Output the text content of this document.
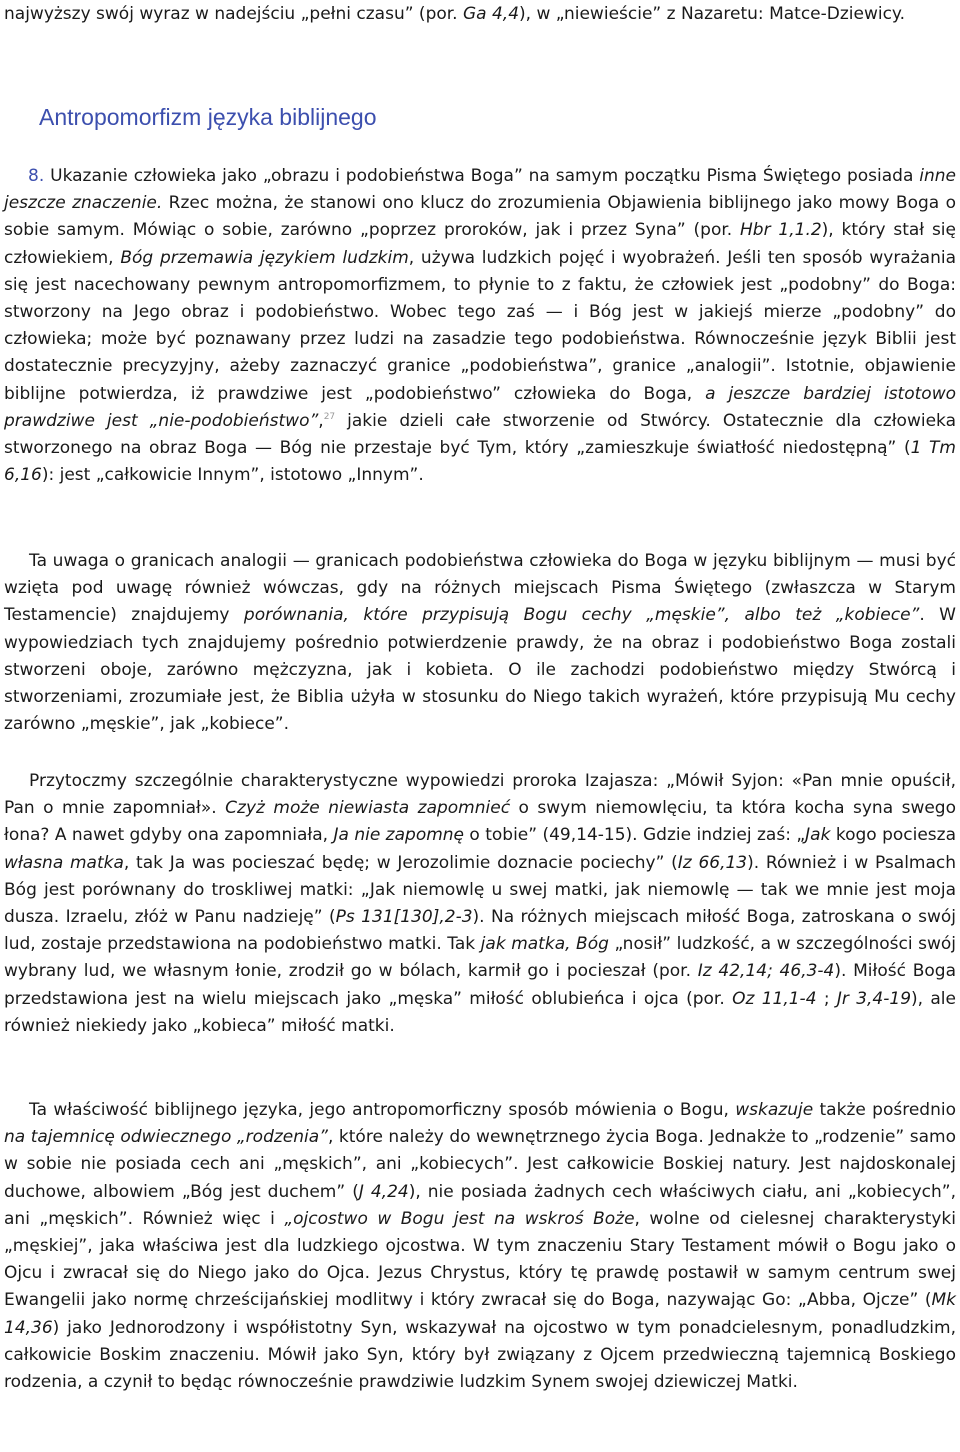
najwyższy swój wyraz w nadejściu „pełni czasu” (por. Ga 4,4), w „niewieście” z Nazaretu: Matce-Dziewicy.

Antropomorfizm języka biblijnego

8. Ukazanie człowieka jako „obrazu i podobieństwa Boga” na samym początku Pisma Świętego posiada inne jeszcze znaczenie. Rzec można, że stanowi ono klucz do zrozumienia Objawienia biblijnego jako mowy Boga o sobie samym. Mówiąc o sobie, zarówno „poprzez proroków, jak i przez Syna” (por. Hbr 1,1.2), który stał się człowiekiem, Bóg przemawia językiem ludzkim, używa ludzkich pojęć i wyobrażeń. Jeśli ten sposób wyrażania się jest nacechowany pewnym antropomorfizmem, to płynie to z faktu, że człowiek jest „podobny” do Boga: stworzony na Jego obraz i podobieństwo. Wobec tego zaś — i Bóg jest w jakiejś mierze „podobny” do człowieka; może być poznawany przez ludzi na zasadzie tego podobieństwa. Równocześnie język Biblii jest dostatecznie precyzyjny, ażeby zaznaczyć granice „podobieństwa”, granice „analogii”. Istotnie, objawienie biblijne potwierdza, iż prawdziwe jest „podobieństwo” człowieka do Boga, a jeszcze bardziej istotowo prawdziwe jest „nie-podobieństwo”,$^{27}$ jakie dzieli całe stworzenie od Stwórcy. Ostatecznie dla człowieka stworzonego na obraz Boga — Bóg nie przestaje być Tym, który „zamieszkuje światłość niedostępną” (1 Tm 6,16): jest „całkowicie Innym”, istotowo „Innym”.

Ta uwaga o granicach analogii — granicach podobieństwa człowieka do Boga w języku biblijnym — musi być wzięta pod uwagę również wówczas, gdy na różnych miejscach Pisma Świętego (zwłaszcza w Starym Testamencie) znajdujemy porównania, które przypisują Bogu cechy „męskie”, albo też „kobiece”. W wypowiedziach tych znajdujemy pośrednio potwierdzenie prawdy, że na obraz i podobieństwo Boga zostali stworzeni oboje, zarówno mężczyzna, jak i kobieta. O ile zachodzi podobieństwo między Stwórcą i stworzeniami, zrozumiałe jest, że Biblia użyła w stosunku do Niego takich wyrażeń, które przypisują Mu cechy zarówno „męskie”, jak „kobiece”.

Przytoczmy szczególnie charakterystyczne wypowiedzi proroka Izajasza: „Mówił Syjon: «Pan mnie opuścił, Pan o mnie zapomniał». Czyż może niewiasta zapomnieć o swym niemowlęciu, ta która kocha syna swego łona? A nawet gdyby ona zapomniała, Ja nie zapomnę o tobie” (49,14-15). Gdzie indziej zaś: „Jak kogo pociesza własna matka, tak Ja was pocieszać będę; w Jerozolimie doznacie pociechy” (Iz 66,13). Również i w Psalmach Bóg jest porównany do troskliwej matki: „Jak niemowlę u swej matki, jak niemowlę — tak we mnie jest moja dusza. Izraelu, złóż w Panu nadzieję” (Ps 131[130],2-3). Na różnych miejscach miłość Boga, zatroskana o swój lud, zostaje przedstawiona na podobieństwo matki. Tak jak matka, Bóg „nosił” ludzkość, a w szczególności swój wybrany lud, we własnym łonie, zrodził go w bólach, karmił go i pocieszał (por. Iz 42,14; 46,3-4). Miłość Boga przedstawiona jest na wielu miejscach jako „męska” miłość oblubieńca i ojca (por. Oz 11,1-4 ; Jr 3,4-19), ale również niekiedy jako „kobieca” miłość matki.

Ta właściwość biblijnego języka, jego antropomorficzny sposób mówienia o Bogu, wskazuje także pośrednio na tajemnicę odwiecznego „rodzenia”, które należy do wewnętrznego życia Boga. Jednakże to „rodzenie” samo w sobie nie posiada cech ani „męskich”, ani „kobiecych”. Jest całkowicie Boskiej natury. Jest najdoskonalej duchowe, albowiem „Bóg jest duchem” (J 4,24), nie posiada żadnych cech właściwych ciału, ani „kobiecych”, ani „męskich”. Również więc i „ojcostwo w Bogu jest na wskroś Boże, wolne od cielesnej charakterystyki „męskiej”, jaka właściwa jest dla ludzkiego ojcostwa. W tym znaczeniu Stary Testament mówił o Bogu jako o Ojcu i zwracał się do Niego jako do Ojca. Jezus Chrystus, który tę prawdę postawił w samym centrum swej Ewangelii jako normę chrześcijańskiej modlitwy i który zwracał się do Boga, nazywając Go: „Abba, Ojcze” (Mk 14,36) jako Jednorodzony i współistotny Syn, wskazywał na ojcostwo w tym ponadcielesnym, ponadludzkim, całkowicie Boskim znaczeniu. Mówił jako Syn, który był związany z Ojcem przedwieczną tajemnicą Boskiego rodzenia, a czynił to będąc równocześnie prawdziwie ludzkim Synem swojej dziewiczej Matki.
